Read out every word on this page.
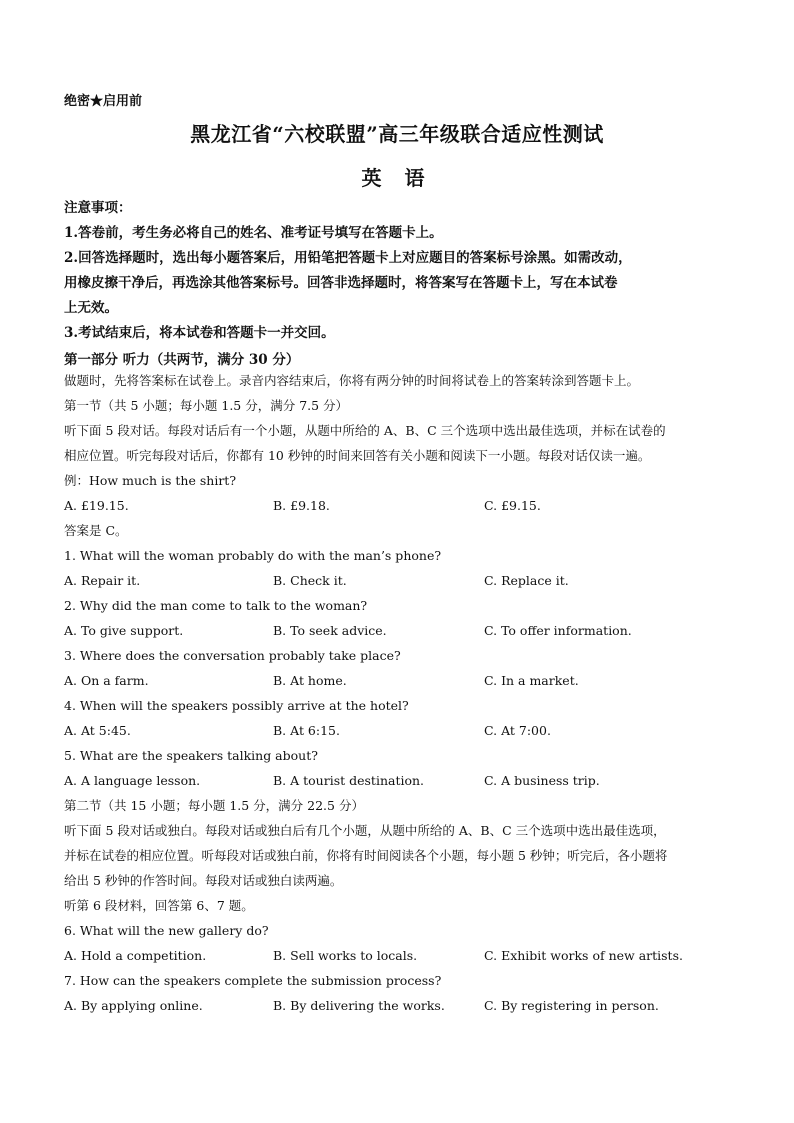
绝密★启用前
黑龙江省“六校联盟”高三年级联合适应性测试
英 语
注意事项：
1.答卷前，考生务必将自己的姓名、准考证号填写在答题卡上。
2.回答选择题时，选出每小题答案后，用铅笔把答题卡上对应题目的答案标号涂黑。如需改动，
用橡皮擦干净后，再选涂其他答案标号。回答非选择题时，将答案写在答题卡上，写在本试卷
上无效。
3.考试结束后，将本试卷和答题卡一并交回。
第一部分 听力（共两节，满分 30 分）
做题时，先将答案标在试卷上。录音内容结束后，你将有两分钟的时间将试卷上的答案转涂到答题卡上。
第一节（共 5 小题；每小题 1.5 分，满分 7.5 分）
听下面 5 段对话。每段对话后有一个小题，从题中所给的 A、B、C 三个选项中选出最佳选项，并标在试卷的
相应位置。听完每段对话后，你都有 10 秒钟的时间来回答有关小题和阅读下一小题。每段对话仅读一遍。
例：How much is the shirt?
A. £19.15.	B. £9.18.	C. £9.15.
答案是 C。
1. What will the woman probably do with the man’s phone?
A. Repair it.	B. Check it.	C. Replace it.
2. Why did the man come to talk to the woman?
A. To give support.	B. To seek advice.	C. To offer information.
3. Where does the conversation probably take place?
A. On a farm.	B. At home.	C. In a market.
4. When will the speakers possibly arrive at the hotel?
A. At 5:45.	B. At 6:15.	C. At 7:00.
5. What are the speakers talking about?
A. A language lesson.	B. A tourist destination.	C. A business trip.
第二节（共 15 小题；每小题 1.5 分，满分 22.5 分）
听下面 5 段对话或独白。每段对话或独白后有几个小题，从题中所给的 A、B、C 三个选项中选出最佳选项，
并标在试卷的相应位置。听每段对话或独白前，你将有时间阅读各个小题，每小题 5 秒钟；听完后，各小题将
给出 5 秒钟的作答时间。每段对话或独白读两遍。
听第 6 段材料，回答第 6、7 题。
6. What will the new gallery do?
A. Hold a competition.	B. Sell works to locals.	C. Exhibit works of new artists.
7. How can the speakers complete the submission process?
A. By applying online.	B. By delivering the works.	C. By registering in person.
